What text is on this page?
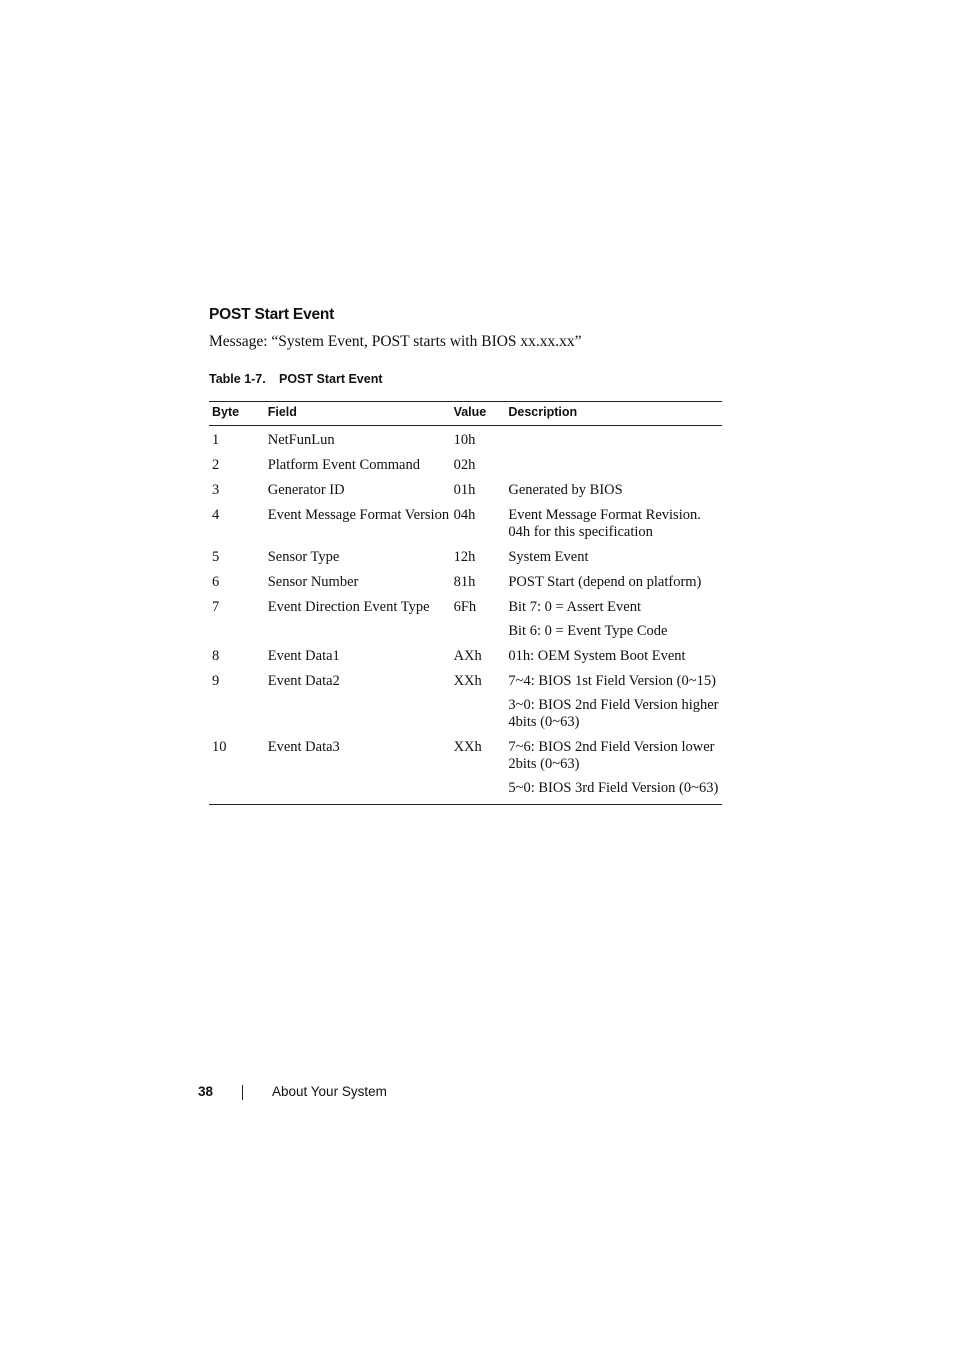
POST Start Event

Message: “System Event, POST starts with BIOS xx.xx.xx”

Table 1-7. POST Start Event

Byte	Field	Value	Description
1	NetFunLun	10h	
2	Platform Event Command	02h	
3	Generator ID	01h	Generated by BIOS

4	Event Message Format Version	04h	Event Message Format Revision. 04h for this specification

5	Sensor Type	12h	System Event

6	Sensor Number	81h	POST Start (depend on platform)

7	Event Direction Event Type	6Fh	Bit 7: 0 = Assert Event
Bit 6: 0 = Event Type Code

8	Event Data1	AXh	01h: OEM System Boot Event

9	Event Data2	XXh	7~4: BIOS 1st Field Version (0~15)
3~0: BIOS 2nd Field Version higher 4bits (0~63)

10	Event Data3	XXh	7~6: BIOS 2nd Field Version lower 2bits (0~63)
5~0: BIOS 3rd Field Version (0~63)
38	About Your System
